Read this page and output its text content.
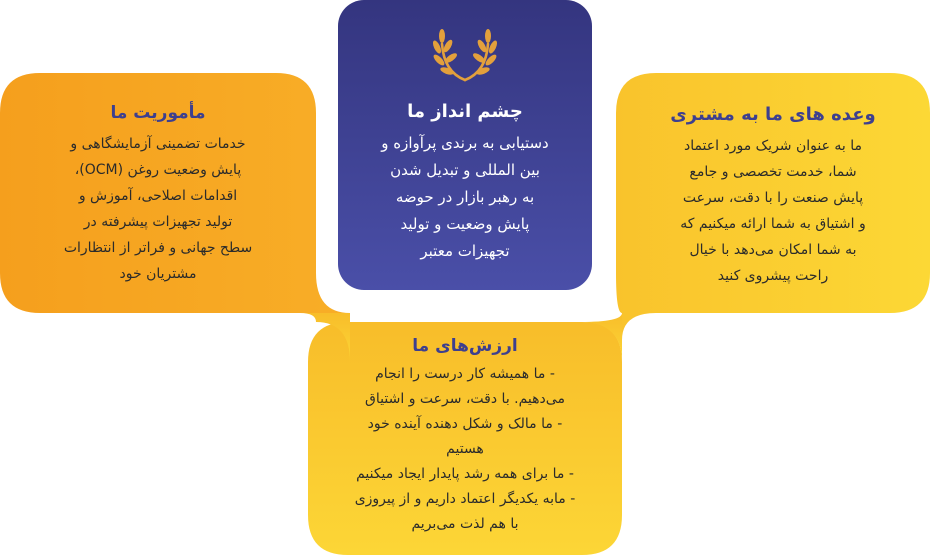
مأموریت ما
خدمات تضمینی آزمایشگاهی و
پایش وضعیت روغن (OCM)،
اقدامات اصلاحی، آموزش و
تولید تجهیزات پیشرفته در
سطح جهانی و فراتر از انتظارات
مشتریان خود
چشم انداز ما
دستیابی به برندی پرآوازه و
بین المللی و تبدیل شدن
به رهبر بازار در حوضه
پایش وضعیت و تولید
تجهیزات معتبر
وعده های ما به مشتری
ما به عنوان شریک مورد اعتماد
شما، خدمت تخصصی و جامع
پایش صنعت را با دقت، سرعت
و اشتیاق به شما ارائه میکنیم که
به شما امکان می‌دهد با خیال
راحت پیشروی کنید
ارزش‌های ما
- ما همیشه کار درست را انجام
می‌دهیم. با دقت، سرعت و اشتیاق
- ما مالک و شکل دهنده آینده خود
هستیم
- ما برای همه رشد پایدار ایجاد میکنیم
- مابه یکدیگر اعتماد داریم و از پیروزی
با هم لذت می‌بریم
